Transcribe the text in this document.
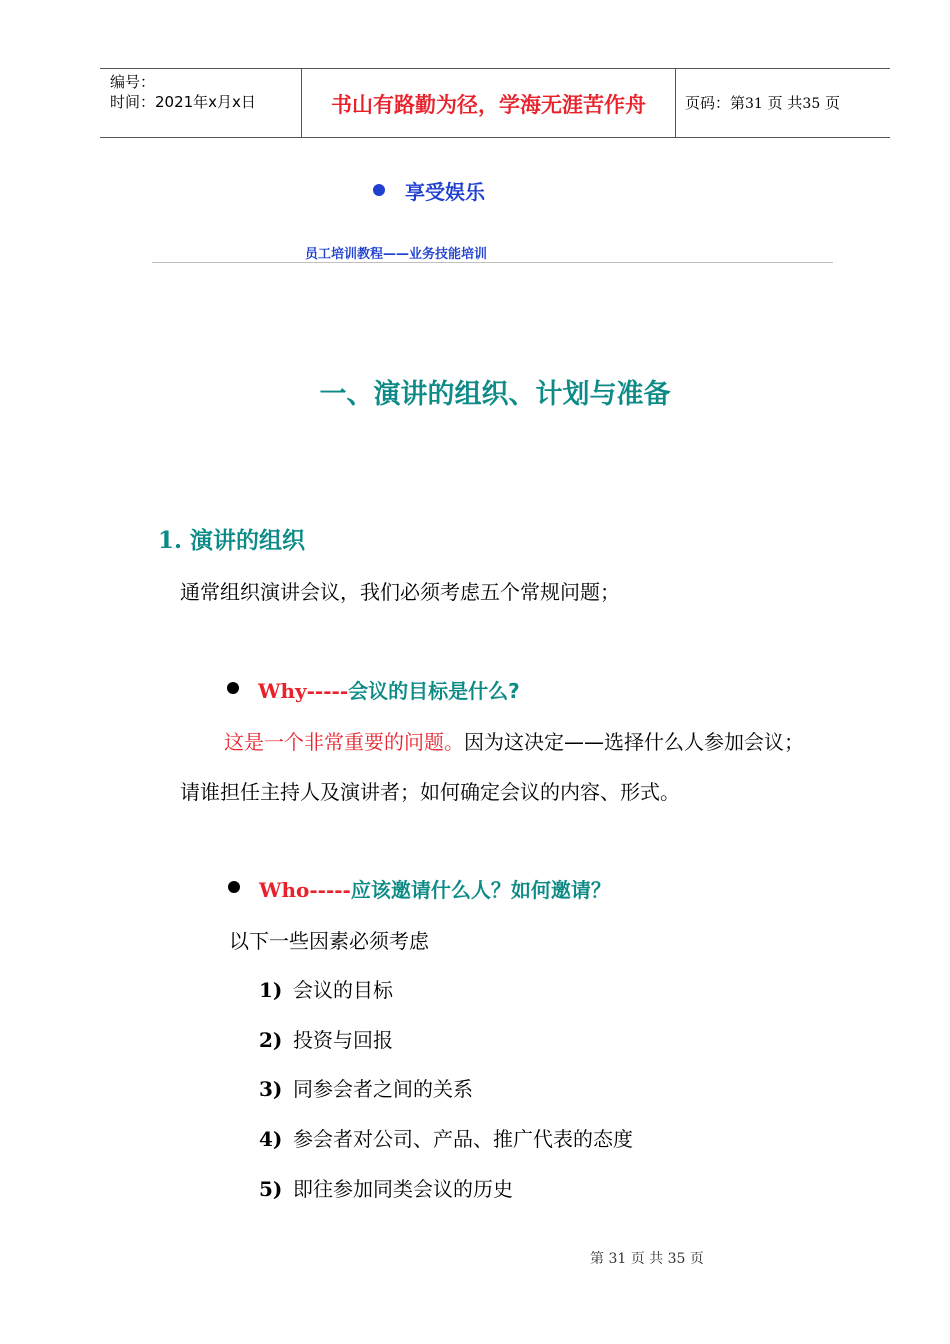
编号：
时间：2021年x月x日	书山有路勤为径，学海无涯苦作舟	页码：第31 页 共35 页
享受娱乐
员工培训教程——业务技能培训
一、演讲的组织、计划与准备
1. 演讲的组织
通常组织演讲会议，我们必须考虑五个常规问题；
Why-----会议的目标是什么?
这是一个非常重要的问题。因为这决定——选择什么人参加会议；
请谁担任主持人及演讲者；如何确定会议的内容、形式。
Who-----应该邀请什么人？如何邀请？
以下一些因素必须考虑
1) 会议的目标
2) 投资与回报
3) 同参会者之间的关系
4) 参会者对公司、产品、推广代表的态度
5) 即往参加同类会议的历史
第 31 页 共 35 页
